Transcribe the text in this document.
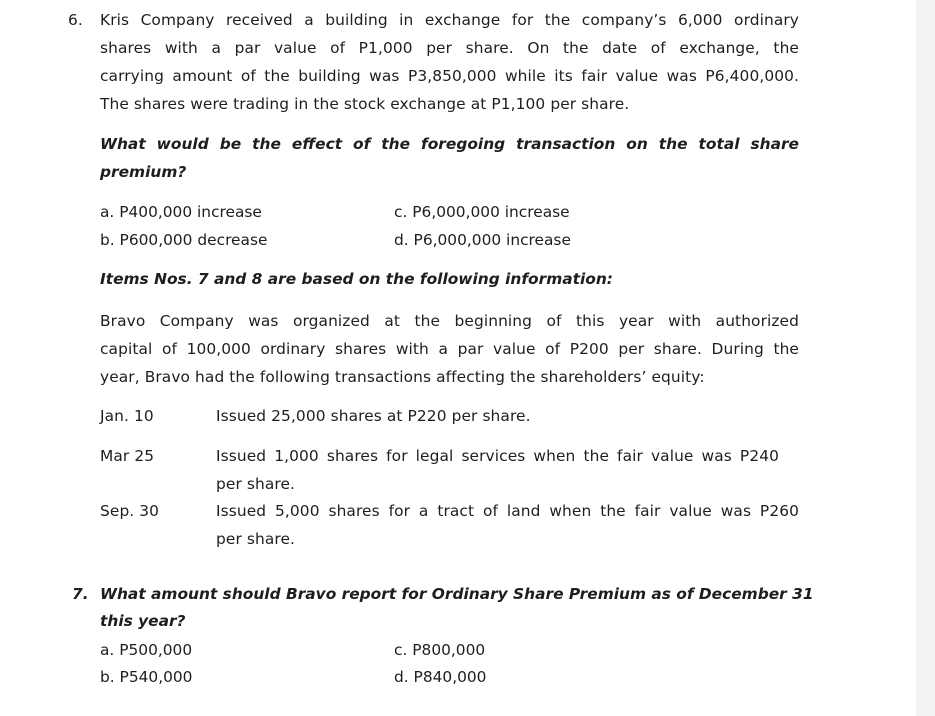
6. Kris Company received a building in exchange for the company’s 6,000 ordinary
shares with a par value of P1,000 per share. On the date of exchange, the
carrying amount of the building was P3,850,000 while its fair value was P6,400,000.
The shares were trading in the stock exchange at P1,100 per share.
What would be the effect of the foregoing transaction on the total share
premium?
a. P400,000 increase
b. P600,000 decrease
c. P6,000,000 increase
d. P6,000,000 increase
Items Nos. 7 and 8 are based on the following information:
Bravo Company was organized at the beginning of this year with authorized
capital of 100,000 ordinary shares with a par value of P200 per share. During the
year, Bravo had the following transactions affecting the shareholders’ equity:
Jan. 10	Issued 25,000 shares at P220 per share.
Mar 25	Issued 1,000 shares for legal services when the fair value was P240
per share.
Sep. 30	Issued 5,000 shares for a tract of land when the fair value was P260
per share.
7. What amount should Bravo report for Ordinary Share Premium as of December 31
this year?
a. P500,000
b. P540,000
c. P800,000
d. P840,000
